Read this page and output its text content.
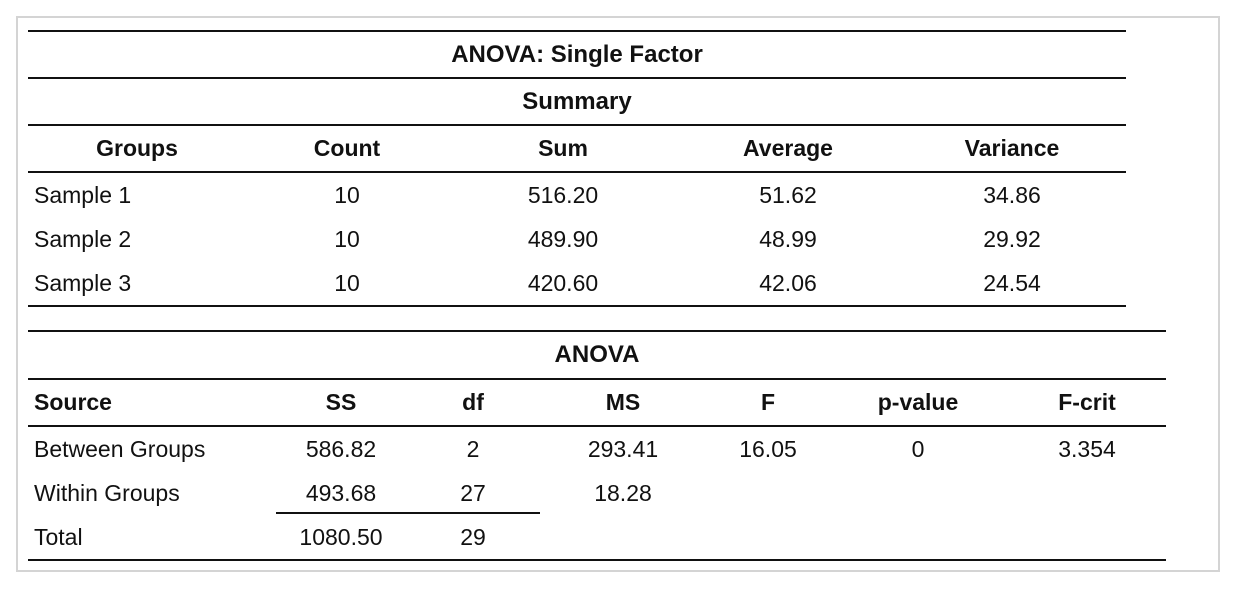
ANOVA: Single Factor
Summary
Groups	Count	Sum	Average	Variance
Sample 1	10	516.20	51.62	34.86
Sample 2	10	489.90	48.99	29.92
Sample 3	10	420.60	42.06	24.54
ANOVA
Source	SS	df	MS	F	p-value	F-crit
Between Groups	586.82	2	293.41	16.05	0	3.354
Within Groups	493.68	27	18.28
Total	1080.50	29
